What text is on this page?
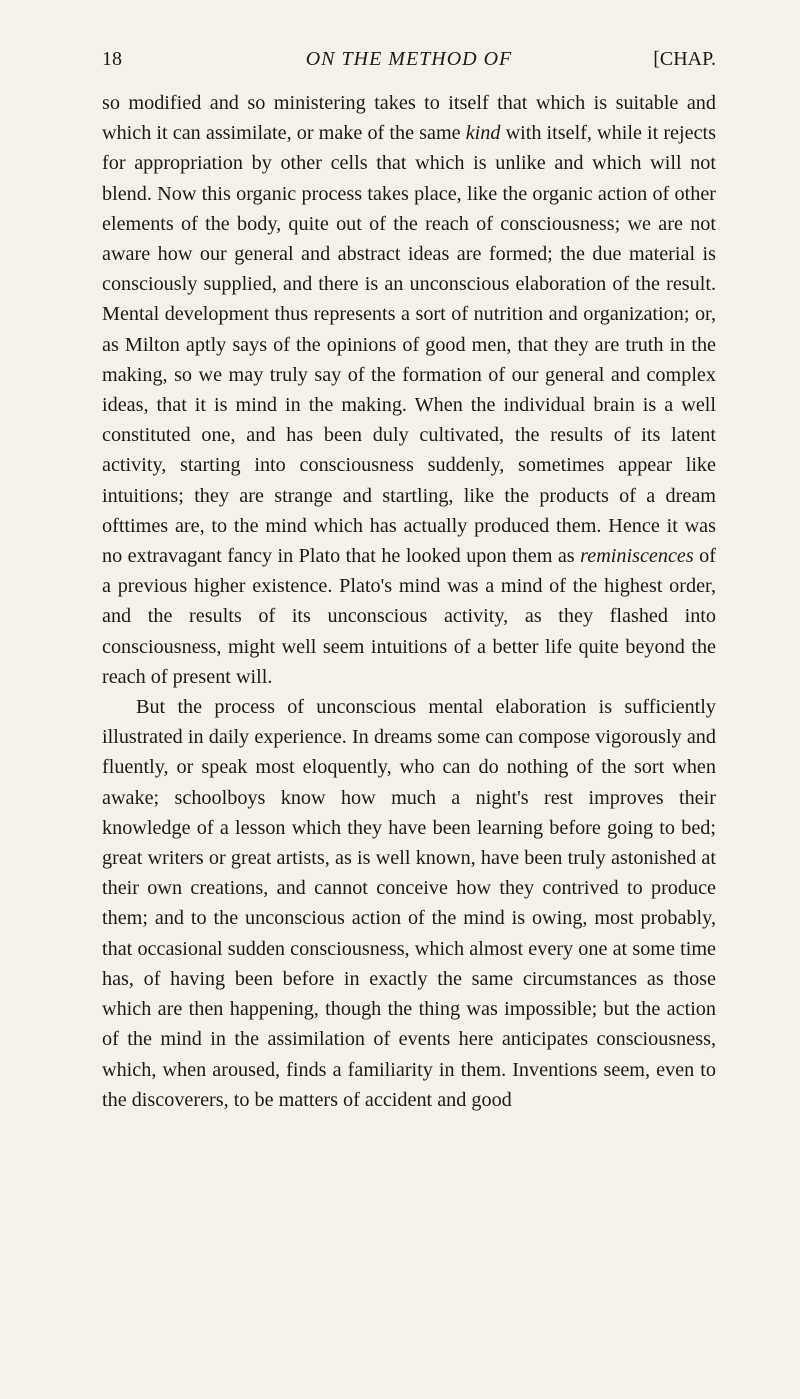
18	ON THE METHOD OF	[CHAP.

so modified and so ministering takes to itself that which is suitable and which it can assimilate, or make of the same kind with itself, while it rejects for appropriation by other cells that which is unlike and which will not blend. Now this organic process takes place, like the organic action of other elements of the body, quite out of the reach of consciousness; we are not aware how our general and abstract ideas are formed; the due material is consciously supplied, and there is an unconscious elaboration of the result. Mental development thus represents a sort of nutrition and organization; or, as Milton aptly says of the opinions of good men, that they are truth in the making, so we may truly say of the formation of our general and complex ideas, that it is mind in the making. When the individual brain is a well constituted one, and has been duly cultivated, the results of its latent activity, starting into consciousness suddenly, sometimes appear like intuitions; they are strange and startling, like the products of a dream ofttimes are, to the mind which has actually produced them. Hence it was no extravagant fancy in Plato that he looked upon them as reminiscences of a previous higher existence. Plato's mind was a mind of the highest order, and the results of its unconscious activity, as they flashed into consciousness, might well seem intuitions of a better life quite beyond the reach of present will.

But the process of unconscious mental elaboration is sufficiently illustrated in daily experience. In dreams some can compose vigorously and fluently, or speak most eloquently, who can do nothing of the sort when awake; schoolboys know how much a night's rest improves their knowledge of a lesson which they have been learning before going to bed; great writers or great artists, as is well known, have been truly astonished at their own creations, and cannot conceive how they contrived to produce them; and to the unconscious action of the mind is owing, most probably, that occasional sudden consciousness, which almost every one at some time has, of having been before in exactly the same circumstances as those which are then happening, though the thing was impossible; but the action of the mind in the assimilation of events here anticipates consciousness, which, when aroused, finds a familiarity in them. Inventions seem, even to the discoverers, to be matters of accident and good
